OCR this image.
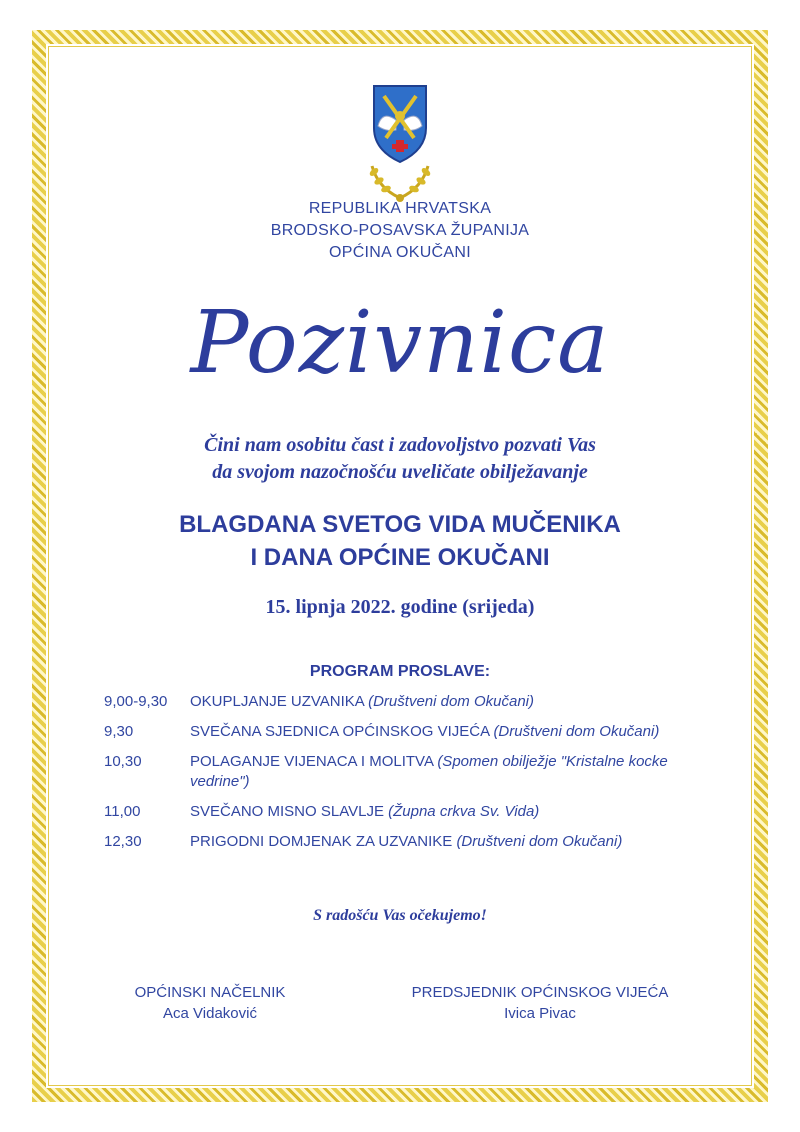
REPUBLIKA HRVATSKA
BRODSKO-POSAVSKA ŽUPANIJA
OPĆINA OKUČANI
Pozivnica
Čini nam osobitu čast i zadovoljstvo pozvati Vas
da svojom nazočnošću uveličate obilježavanje
BLAGDANA SVETOG VIDA MUČENIKA
I DANA OPĆINE OKUČANI
15. lipnja 2022. godine (srijeda)
PROGRAM PROSLAVE:
9,00-9,30	OKUPLJANJE UZVANIKA (Društveni dom Okučani)
9,30	SVEČANA SJEDNICA OPĆINSKOG VIJEĆA (Društveni dom Okučani)
10,30	POLAGANJE VIJENACA I MOLITVA (Spomen obilježje "Kristalne kocke vedrine")
11,00	SVEČANO MISNO SLAVLJE (Župna crkva Sv. Vida)
12,30	PRIGODNI DOMJENAK ZA UZVANIKE (Društveni dom Okučani)
S radošću Vas očekujemo!
OPĆINSKI NAČELNIK
Aca Vidaković
PREDSJEDNIK OPĆINSKOG VIJEĆA
Ivica Pivac
